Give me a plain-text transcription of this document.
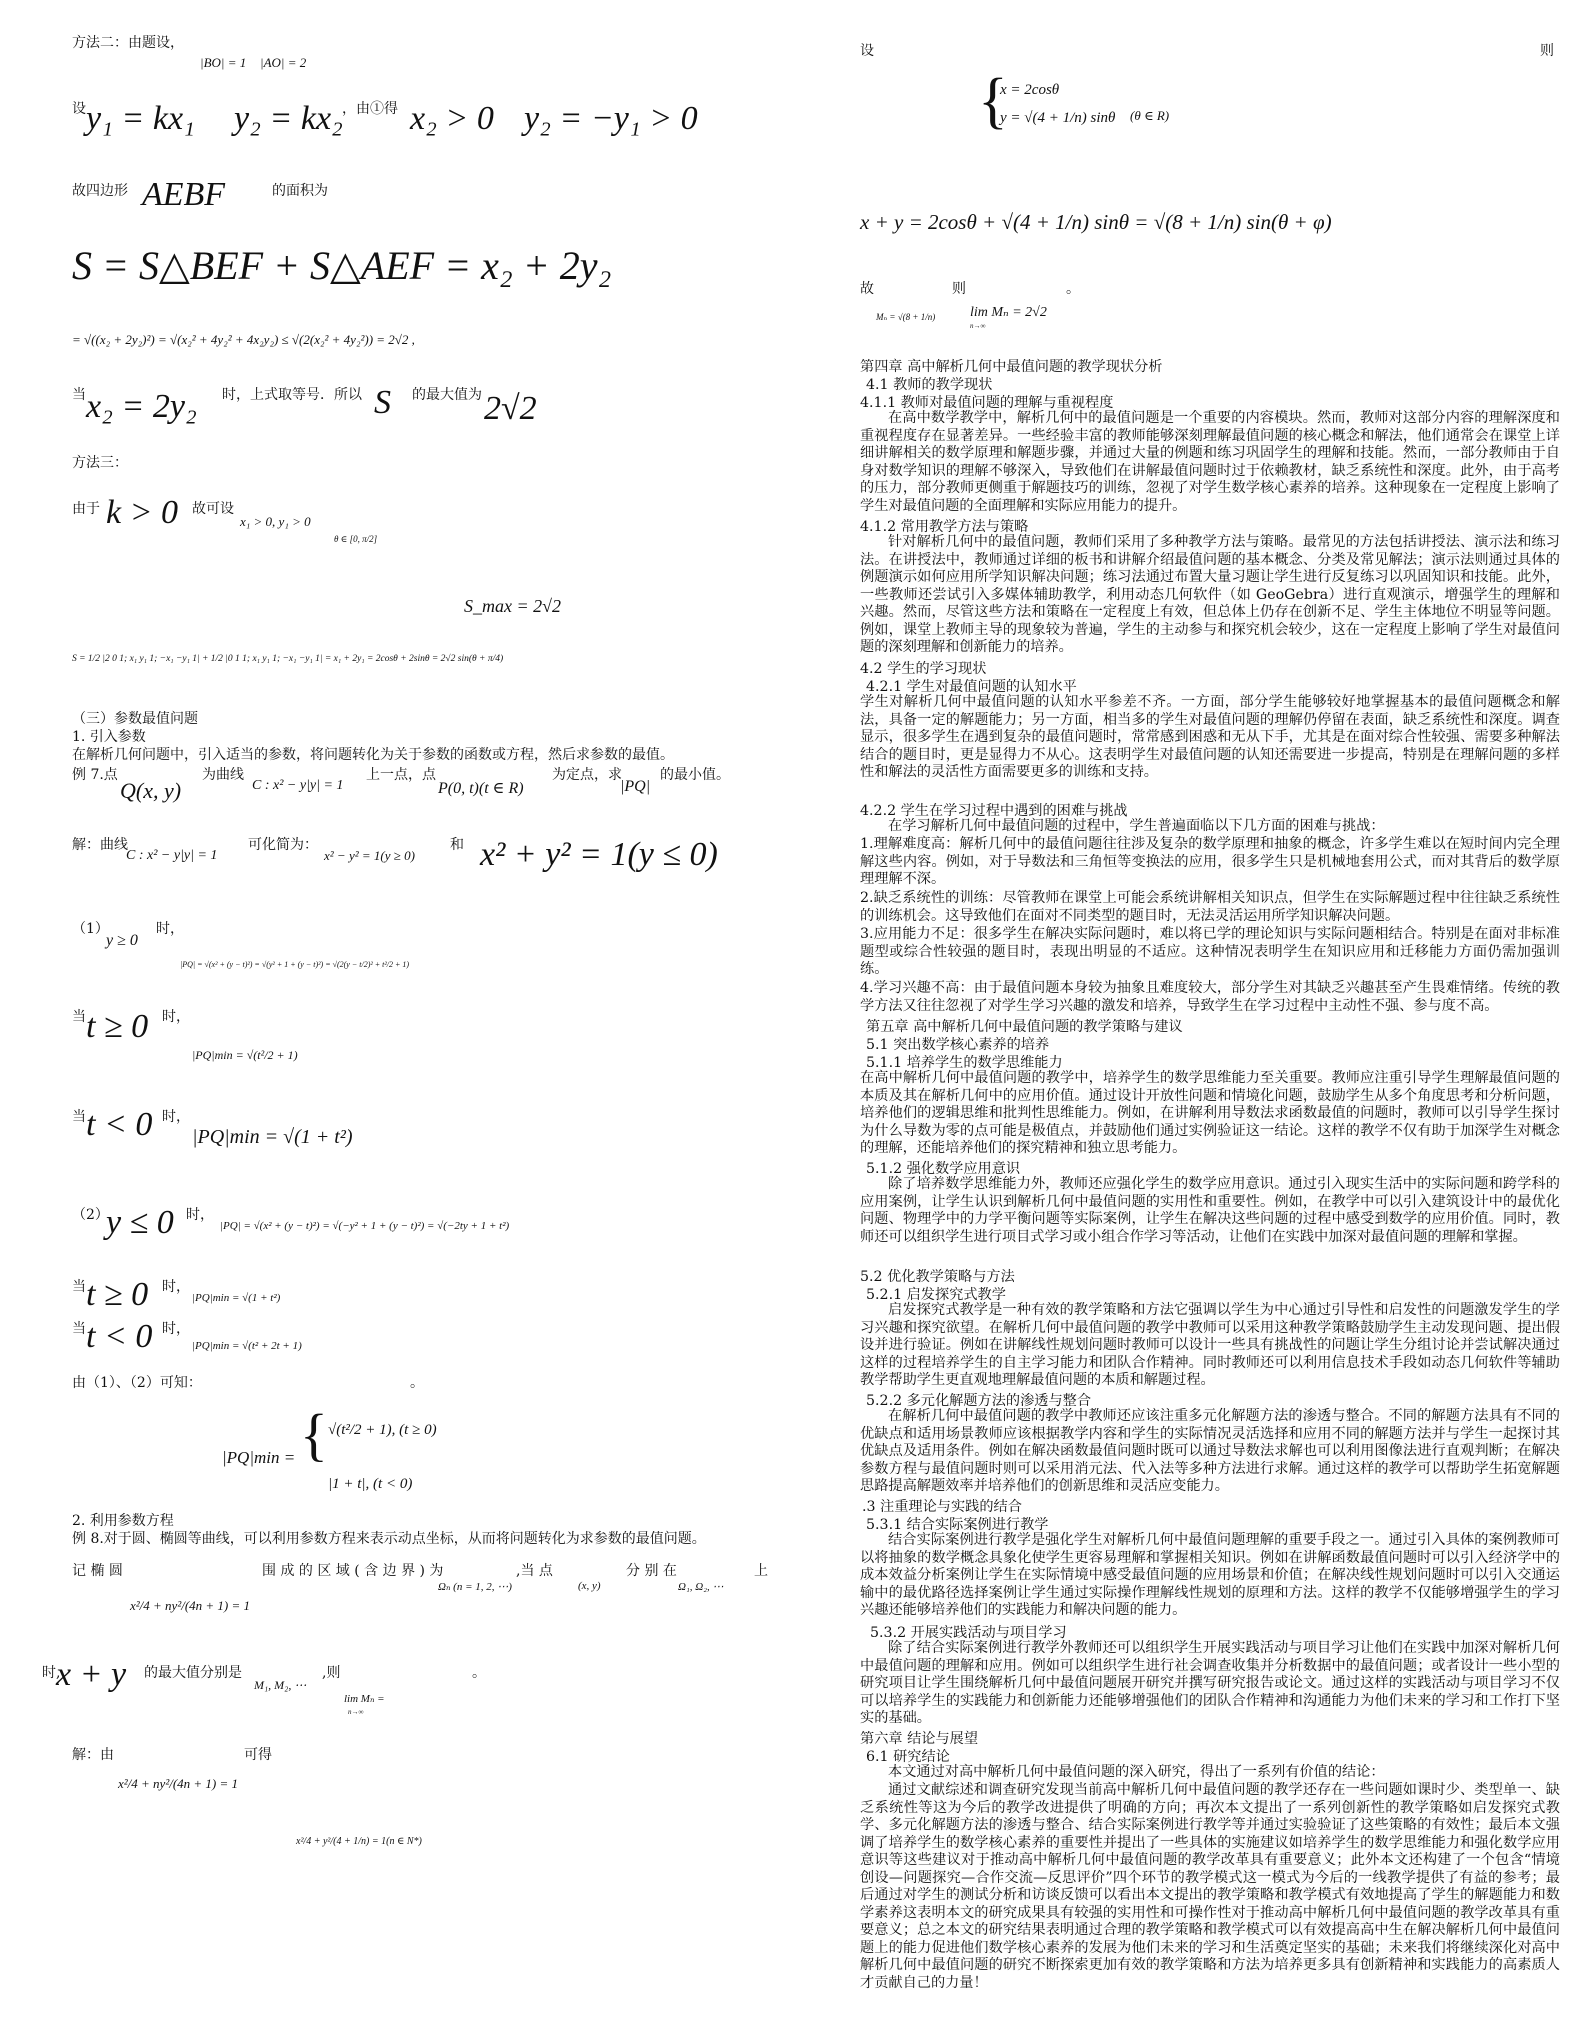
方法二：由题设，
|BO| = 1 |AO| = 2
设 y₁ = kx₁ y₂ = kx₂ ，由①得 x₂ > 0 y₂ = −y₁ > 0
故四边形 AEBF	的面积为
S = S△BEF + S△AEF = x₂ + 2y₂
= √((x₂ + 2y₂)²) = √(x₂² + 4y₂² + 4x₂y₂) ≤ √(2(x₂² + 4y₂²)) = 2√2 ,
当 x₂ = 2y₂ 时，上式取等号．所以 S 的最大值为 2√2
方法三：
由于 k > 0 故可设
x₁ > 0, y₁ > 0
θ ∈ [0, π/2]
S_max = 2√2
S = 1/2 |2 0 1; x₁ y₁ 1; −x₁ −y₁ 1| + 1/2 |0 1 1; x₁ y₁ 1; −x₁ −y₁ 1| = x₁ + 2y₁ = 2cosθ + 2sinθ = 2√2 sin(θ + π/4)
（三）参数最值问题
1. 引入参数
在解析几何问题中，引入适当的参数，将问题转化为关于参数的函数或方程，然后求参数的最值。
例 7.点
Q(x, y)
为曲线
C : x² − y|y| = 1
上一点，点
P(0, t)(t ∈ R)
为定点，求
|PQ|
的最小值。
解：曲线
C : x² − y|y| = 1
可化简为：
x² − y² = 1(y ≥ 0)
和 x² + y² = 1(y ≤ 0)
（1）
y ≥ 0
时，
|PQ| = √(x² + (y − t)²) = √(y² + 1 + (y − t)²) = √(2(y − t/2)² + t²/2 + 1)
当 t ≥ 0 时，
|PQ|min = √(t²/2 + 1)
当 t < 0 时，
|PQ|min = √(1 + t²)
（2）
y ≤ 0 时，
|PQ| = √(x² + (y − t)²) = √(−y² + 1 + (y − t)²) = √(−2ty + 1 + t²)
当 t ≥ 0 时，
|PQ|min = √(1 + t²)
当 t < 0 时，
|PQ|min = √(t² + 2t + 1)
由（1）、（2）可知：	。
|PQ|min = { √(t²/2 + 1), (t ≥ 0)
|1 + t|, (t < 0)
2. 利用参数方程
例 8.对于圆、椭圆等曲线，可以利用参数方程来表示动点坐标，从而将问题转化为求参数的最值问题。
记 椭 圆	围 成 的 区 域 ( 含 边 界 ) 为
Ωₙ (n = 1, 2, ⋯)
,当 点
(x, y)
分 别 在
Ω₁, Ω₂, ⋯
上
x²/4 + ny²/(4n + 1) = 1
时,
x + y 的最大值分别是
M₁, M₂, ⋯
,则
lim Mₙ =
n→∞
。
解：由	可得
x²/4 + ny²/(4n + 1) = 1
x²/4 + y²/(4 + 1/n) = 1(n ∈ N*)
设	则
{
x = 2cosθ
y = √(4 + 1/n) sinθ (θ ∈ R)
x + y = 2cosθ + √(4 + 1/n) sinθ = √(8 + 1/n) sin(θ + φ)
故	则	。
Mₙ = √(8 + 1/n) lim Mₙ = 2√2
n→∞
第四章 高中解析几何中最值问题的教学现状分析
4.1 教师的教学现状
4.1.1 教师对最值问题的理解与重视程度
在高中数学教学中，解析几何中的最值问题是一个重要的内容模块。然而，教师对这部分内容的理解深度和重视程度存在显著差异。一些经验丰富的教师能够深刻理解最值问题的核心概念和解法，他们通常会在课堂上详细讲解相关的数学原理和解题步骤，并通过大量的例题和练习巩固学生的理解和技能。然而，一部分教师由于自身对数学知识的理解不够深入，导致他们在讲解最值问题时过于依赖教材，缺乏系统性和深度。此外，由于高考的压力，部分教师更侧重于解题技巧的训练，忽视了对学生数学核心素养的培养。这种现象在一定程度上影响了学生对最值问题的全面理解和实际应用能力的提升。
4.1.2 常用教学方法与策略
针对解析几何中的最值问题，教师们采用了多种教学方法与策略。最常见的方法包括讲授法、演示法和练习法。在讲授法中，教师通过详细的板书和讲解介绍最值问题的基本概念、分类及常见解法；演示法则通过具体的例题演示如何应用所学知识解决问题；练习法通过布置大量习题让学生进行反复练习以巩固知识和技能。此外，一些教师还尝试引入多媒体辅助教学，利用动态几何软件（如 GeoGebra）进行直观演示，增强学生的理解和兴趣。然而，尽管这些方法和策略在一定程度上有效，但总体上仍存在创新不足、学生主体地位不明显等问题。例如，课堂上教师主导的现象较为普遍，学生的主动参与和探究机会较少，这在一定程度上影响了学生对最值问题的深刻理解和创新能力的培养。
4.2 学生的学习现状
4.2.1 学生对最值问题的认知水平
学生对解析几何中最值问题的认知水平参差不齐。一方面，部分学生能够较好地掌握基本的最值问题概念和解法，具备一定的解题能力；另一方面，相当多的学生对最值问题的理解仍停留在表面，缺乏系统性和深度。调查显示，很多学生在遇到复杂的最值问题时，常常感到困惑和无从下手，尤其是在面对综合性较强、需要多种解法结合的题目时，更是显得力不从心。这表明学生对最值问题的认知还需要进一步提高，特别是在理解问题的多样性和解法的灵活性方面需要更多的训练和支持。
4.2.2 学生在学习过程中遇到的困难与挑战
在学习解析几何中最值问题的过程中，学生普遍面临以下几方面的困难与挑战：
1.理解难度高：解析几何中的最值问题往往涉及复杂的数学原理和抽象的概念，许多学生难以在短时间内完全理解这些内容。例如，对于导数法和三角恒等变换法的应用，很多学生只是机械地套用公式，而对其背后的数学原理理解不深。
2.缺乏系统性的训练：尽管教师在课堂上可能会系统讲解相关知识点，但学生在实际解题过程中往往缺乏系统性的训练机会。这导致他们在面对不同类型的题目时，无法灵活运用所学知识解决问题。
3.应用能力不足：很多学生在解决实际问题时，难以将已学的理论知识与实际问题相结合。特别是在面对非标准题型或综合性较强的题目时，表现出明显的不适应。这种情况表明学生在知识应用和迁移能力方面仍需加强训练。
4.学习兴趣不高：由于最值问题本身较为抽象且难度较大，部分学生对其缺乏兴趣甚至产生畏难情绪。传统的教学方法又往往忽视了对学生学习兴趣的激发和培养，导致学生在学习过程中主动性不强、参与度不高。
第五章 高中解析几何中最值问题的教学策略与建议
5.1 突出数学核心素养的培养
5.1.1 培养学生的数学思维能力
在高中解析几何中最值问题的教学中，培养学生的数学思维能力至关重要。教师应注重引导学生理解最值问题的本质及其在解析几何中的应用价值。通过设计开放性问题和情境化问题，鼓励学生从多个角度思考和分析问题，培养他们的逻辑思维和批判性思维能力。例如，在讲解利用导数法求函数最值的问题时，教师可以引导学生探讨为什么导数为零的点可能是极值点，并鼓励他们通过实例验证这一结论。这样的教学不仅有助于加深学生对概念的理解，还能培养他们的探究精神和独立思考能力。
5.1.2 强化数学应用意识
除了培养数学思维能力外，教师还应强化学生的数学应用意识。通过引入现实生活中的实际问题和跨学科的应用案例，让学生认识到解析几何中最值问题的实用性和重要性。例如，在教学中可以引入建筑设计中的最优化问题、物理学中的力学平衡问题等实际案例，让学生在解决这些问题的过程中感受到数学的应用价值。同时，教师还可以组织学生进行项目式学习或小组合作学习等活动，让他们在实践中加深对最值问题的理解和掌握。
5.2 优化教学策略与方法
5.2.1 启发探究式教学
启发探究式教学是一种有效的教学策略和方法它强调以学生为中心通过引导性和启发性的问题激发学生的学习兴趣和探究欲望。在解析几何中最值问题的教学中教师可以采用这种教学策略鼓励学生主动发现问题、提出假设并进行验证。例如在讲解线性规划问题时教师可以设计一些具有挑战性的问题让学生分组讨论并尝试解决通过这样的过程培养学生的自主学习能力和团队合作精神。同时教师还可以利用信息技术手段如动态几何软件等辅助教学帮助学生更直观地理解最值问题的本质和解题过程。
5.2.2 多元化解题方法的渗透与整合
在解析几何中最值问题的教学中教师还应该注重多元化解题方法的渗透与整合。不同的解题方法具有不同的优缺点和适用场景教师应该根据教学内容和学生的实际情况灵活选择和应用不同的解题方法并与学生一起探讨其优缺点及适用条件。例如在解决函数最值问题时既可以通过导数法求解也可以利用图像法进行直观判断；在解决参数方程与最值问题时则可以采用消元法、代入法等多种方法进行求解。通过这样的教学可以帮助学生拓宽解题思路提高解题效率并培养他们的创新思维和灵活应变能力。
.3 注重理论与实践的结合
5.3.1 结合实际案例进行教学
结合实际案例进行教学是强化学生对解析几何中最值问题理解的重要手段之一。通过引入具体的案例教师可以将抽象的数学概念具象化使学生更容易理解和掌握相关知识。例如在讲解函数最值问题时可以引入经济学中的成本效益分析案例让学生在实际情境中感受最值问题的应用场景和价值；在解决线性规划问题时可以引入交通运输中的最优路径选择案例让学生通过实际操作理解线性规划的原理和方法。这样的教学不仅能够增强学生的学习兴趣还能够培养他们的实践能力和解决问题的能力。
5.3.2 开展实践活动与项目学习
除了结合实际案例进行教学外教师还可以组织学生开展实践活动与项目学习让他们在实践中加深对解析几何中最值问题的理解和应用。例如可以组织学生进行社会调查收集并分析数据中的最值问题；或者设计一些小型的研究项目让学生围绕解析几何中最值问题展开研究并撰写研究报告或论文。通过这样的实践活动与项目学习不仅可以培养学生的实践能力和创新能力还能够增强他们的团队合作精神和沟通能力为他们未来的学习和工作打下坚实的基础。
第六章 结论与展望
6.1 研究结论
本文通过对高中解析几何中最值问题的深入研究，得出了一系列有价值的结论：
通过文献综述和调查研究发现当前高中解析几何中最值问题的教学还存在一些问题如课时少、类型单一、缺乏系统性等这为今后的教学改进提供了明确的方向；再次本文提出了一系列创新性的教学策略如启发探究式教学、多元化解题方法的渗透与整合、结合实际案例进行教学等并通过实验验证了这些策略的有效性；最后本文强调了培养学生的数学核心素养的重要性并提出了一些具体的实施建议如培养学生的数学思维能力和强化数学应用意识等这些建议对于推动高中解析几何中最值问题的教学改革具有重要意义；此外本文还构建了一个包含“情境创设—问题探究—合作交流—反思评价”四个环节的教学模式这一模式为今后的一线教学提供了有益的参考；最后通过对学生的测试分析和访谈反馈可以看出本文提出的教学策略和教学模式有效地提高了学生的解题能力和数学素养这表明本文的研究成果具有较强的实用性和可操作性对于推动高中解析几何中最值问题的教学改革具有重要意义；总之本文的研究结果表明通过合理的教学策略和教学模式可以有效提高高中生在解决解析几何中最值问题上的能力促进他们数学核心素养的发展为他们未来的学习和生活奠定坚实的基础；未来我们将继续深化对高中解析几何中最值问题的研究不断探索更加有效的教学策略和方法为培养更多具有创新精神和实践能力的高素质人才贡献自己的力量！
